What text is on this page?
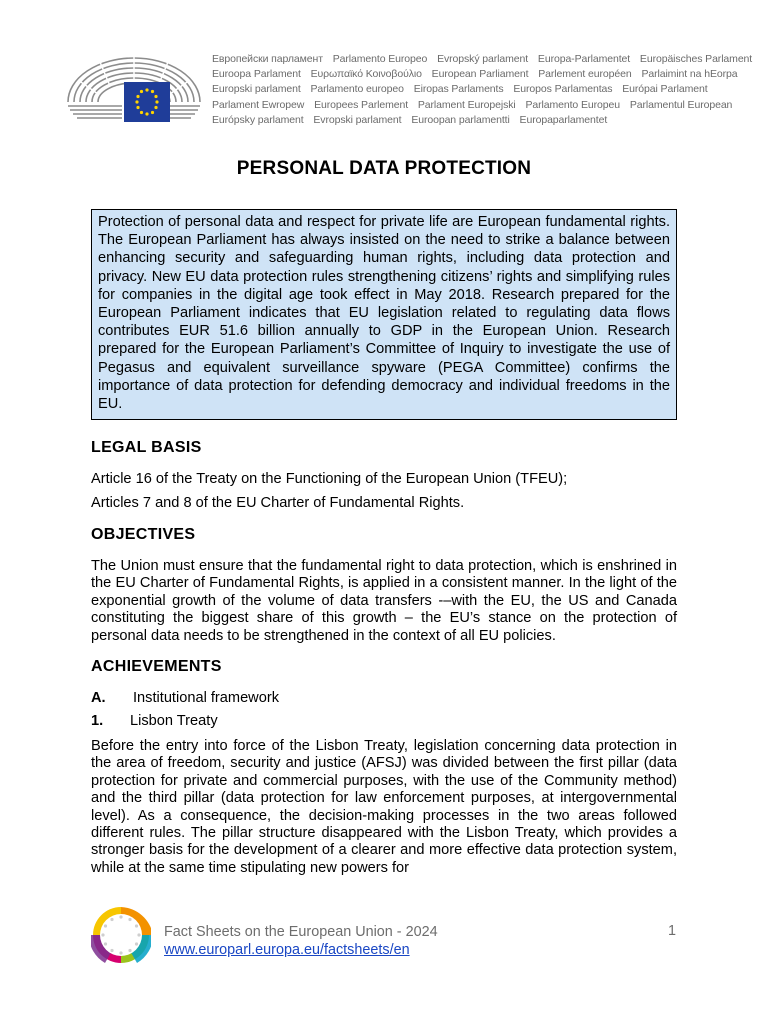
Европейски парламент Parlamento Europeo Evropský parlament Europa-Parlamentet Europäisches Parlament
Euroopa Parlament Ευρωπαϊκό Κοινοβούλιο European Parliament Parlement européen Parlaimint na hEorpa
Europski parlament Parlamento europeo Eiropas Parlaments Europos Parlamentas Európai Parlament
Parlament Ewropew Europees Parlement Parlament Europejski Parlamento Europeu Parlamentul European
Európsky parlament Evropski parlament Euroopan parlamentti Europaparlamentet
PERSONAL DATA PROTECTION
Protection of personal data and respect for private life are European fundamental rights. The European Parliament has always insisted on the need to strike a balance between enhancing security and safeguarding human rights, including data protection and privacy. New EU data protection rules strengthening citizens’ rights and simplifying rules for companies in the digital age took effect in May 2018. Research prepared for the European Parliament indicates that EU legislation related to regulating data flows contributes EUR 51.6 billion annually to GDP in the European Union. Research prepared for the European Parliament’s Committee of Inquiry to investigate the use of Pegasus and equivalent surveillance spyware (PEGA Committee) confirms the importance of data protection for defending democracy and individual freedoms in the EU.
LEGAL BASIS
Article 16 of the Treaty on the Functioning of the European Union (TFEU);
Articles 7 and 8 of the EU Charter of Fundamental Rights.
OBJECTIVES

The Union must ensure that the fundamental right to data protection, which is enshrined in the EU Charter of Fundamental Rights, is applied in a consistent manner. In the light of the exponential growth of the volume of data transfers -–with the EU, the US and Canada constituting the biggest share of this growth – the EU’s stance on the protection of personal data needs to be strengthened in the context of all EU policies.

ACHIEVEMENTS
A. Institutional framework
1. Lisbon Treaty

Before the entry into force of the Lisbon Treaty, legislation concerning data protection in the area of freedom, security and justice (AFSJ) was divided between the first pillar (data protection for private and commercial purposes, with the use of the Community method) and the third pillar (data protection for law enforcement purposes, at intergovernmental level). As a consequence, the decision-making processes in the two areas followed different rules. The pillar structure disappeared with the Lisbon Treaty, which provides a stronger basis for the development of a clearer and more effective data protection system, while at the same time stipulating new powers for

Fact Sheets on the European Union - 2024
www.europarl.europa.eu/factsheets/en
1
